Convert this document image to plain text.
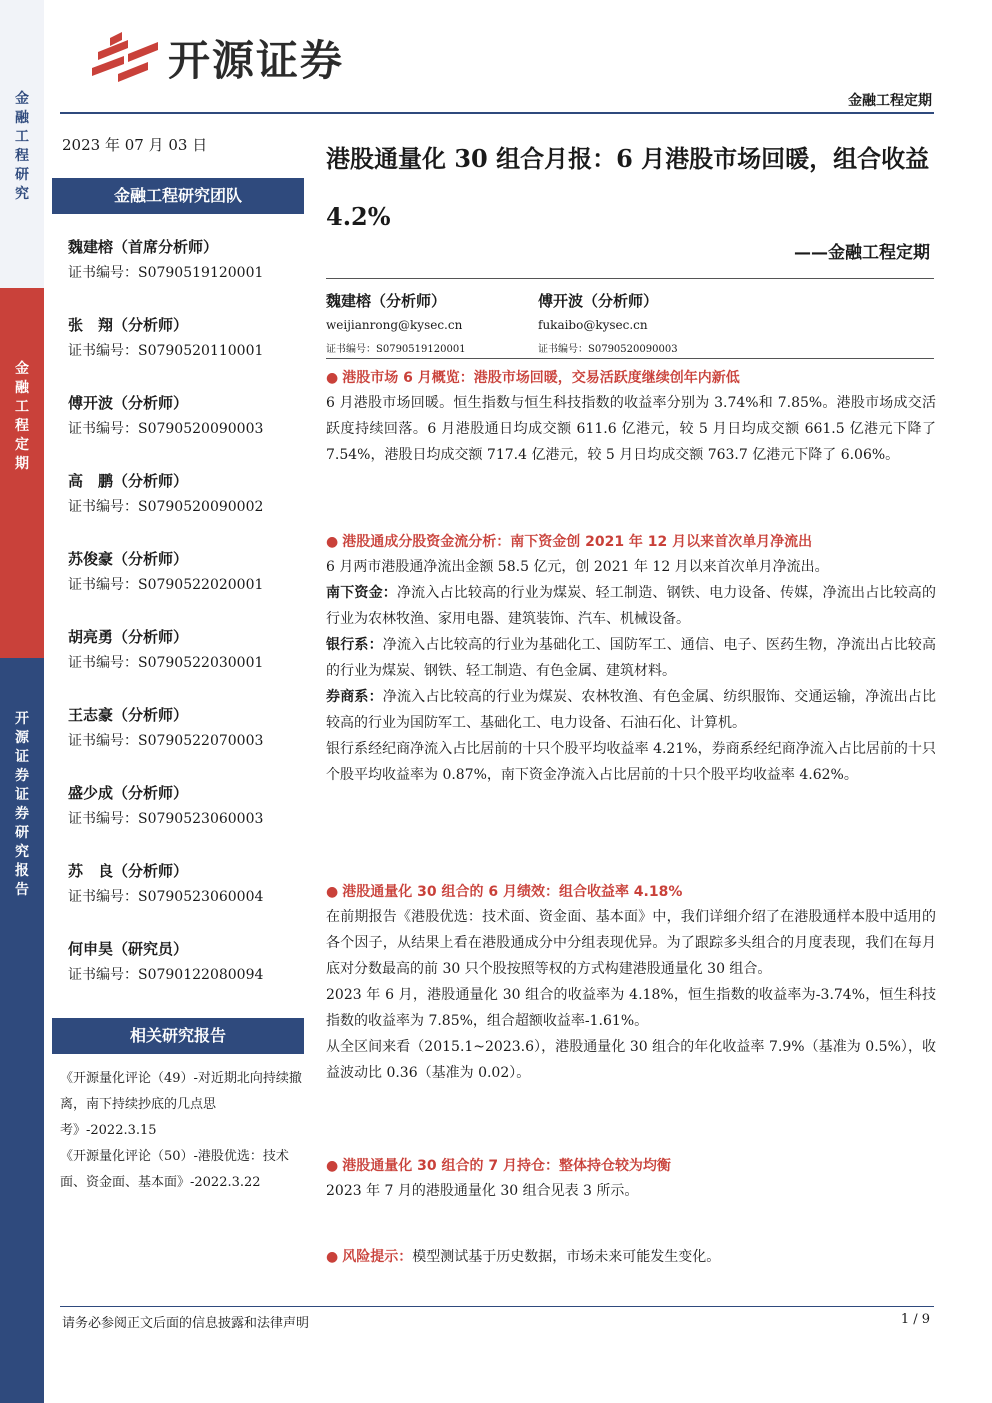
金融工程研究
金融工程定期
开源证券 证券研究报告
开源证券
金融工程定期
2023 年 07 月 03 日
金融工程研究团队
魏建榕（首席分析师）
证书编号：S0790519120001
张　翔（分析师）
证书编号：S0790520110001
傅开波（分析师）
证书编号：S0790520090003
高　鹏（分析师）
证书编号：S0790520090002
苏俊豪（分析师）
证书编号：S0790522020001
胡亮勇（分析师）
证书编号：S0790522030001
王志豪（分析师）
证书编号：S0790522070003
盛少成（分析师）
证书编号：S0790523060003
苏　良（分析师）
证书编号：S0790523060004
何申昊（研究员）
证书编号：S0790122080094
相关研究报告
《开源量化评论（49）-对近期北向持续撤离，南下持续抄底的几点思考》-2022.3.15
《开源量化评论（50）-港股优选：技术面、资金面、基本面》-2022.3.22
港股通量化 30 组合月报：6 月港股市场回暖，组合收益 4.2%
——金融工程定期
魏建榕（分析师）
weijianrong@kysec.cn
证书编号：S0790519120001
傅开波（分析师）
fukaibo@kysec.cn
证书编号：S0790520090003
● 港股市场 6 月概览：港股市场回暖，交易活跃度继续创年内新低
6 月港股市场回暖。恒生指数与恒生科技指数的收益率分别为 3.74%和 7.85%。港股市场成交活跃度持续回落。6 月港股通日均成交额 611.6 亿港元，较 5 月日均成交额 661.5 亿港元下降了 7.54%，港股日均成交额 717.4 亿港元，较 5 月日均成交额 763.7 亿港元下降了 6.06%。
● 港股通成分股资金流分析：南下资金创 2021 年 12 月以来首次单月净流出
6 月两市港股通净流出金额 58.5 亿元，创 2021 年 12 月以来首次单月净流出。
南下资金：净流入占比较高的行业为煤炭、轻工制造、钢铁、电力设备、传媒，净流出占比较高的行业为农林牧渔、家用电器、建筑装饰、汽车、机械设备。
银行系：净流入占比较高的行业为基础化工、国防军工、通信、电子、医药生物，净流出占比较高的行业为煤炭、钢铁、轻工制造、有色金属、建筑材料。
券商系：净流入占比较高的行业为煤炭、农林牧渔、有色金属、纺织服饰、交通运输，净流出占比较高的行业为国防军工、基础化工、电力设备、石油石化、计算机。
银行系经纪商净流入占比居前的十只个股平均收益率 4.21%，券商系经纪商净流入占比居前的十只个股平均收益率为 0.87%，南下资金净流入占比居前的十只个股平均收益率 4.62%。
● 港股通量化 30 组合的 6 月绩效：组合收益率 4.18%
在前期报告《港股优选：技术面、资金面、基本面》中，我们详细介绍了在港股通样本股中适用的各个因子，从结果上看在港股通成分中分组表现优异。为了跟踪多头组合的月度表现，我们在每月底对分数最高的前 30 只个股按照等权的方式构建港股通量化 30 组合。
2023 年 6 月，港股通量化 30 组合的收益率为 4.18%，恒生指数的收益率为-3.74%，恒生科技指数的收益率为 7.85%，组合超额收益率-1.61%。
从全区间来看（2015.1~2023.6），港股通量化 30 组合的年化收益率 7.9%（基准为 0.5%），收益波动比 0.36（基准为 0.02）。
● 港股通量化 30 组合的 7 月持仓：整体持仓较为均衡
2023 年 7 月的港股通量化 30 组合见表 3 所示。
● 风险提示：模型测试基于历史数据，市场未来可能发生变化。
请务必参阅正文后面的信息披露和法律声明	1 / 9
